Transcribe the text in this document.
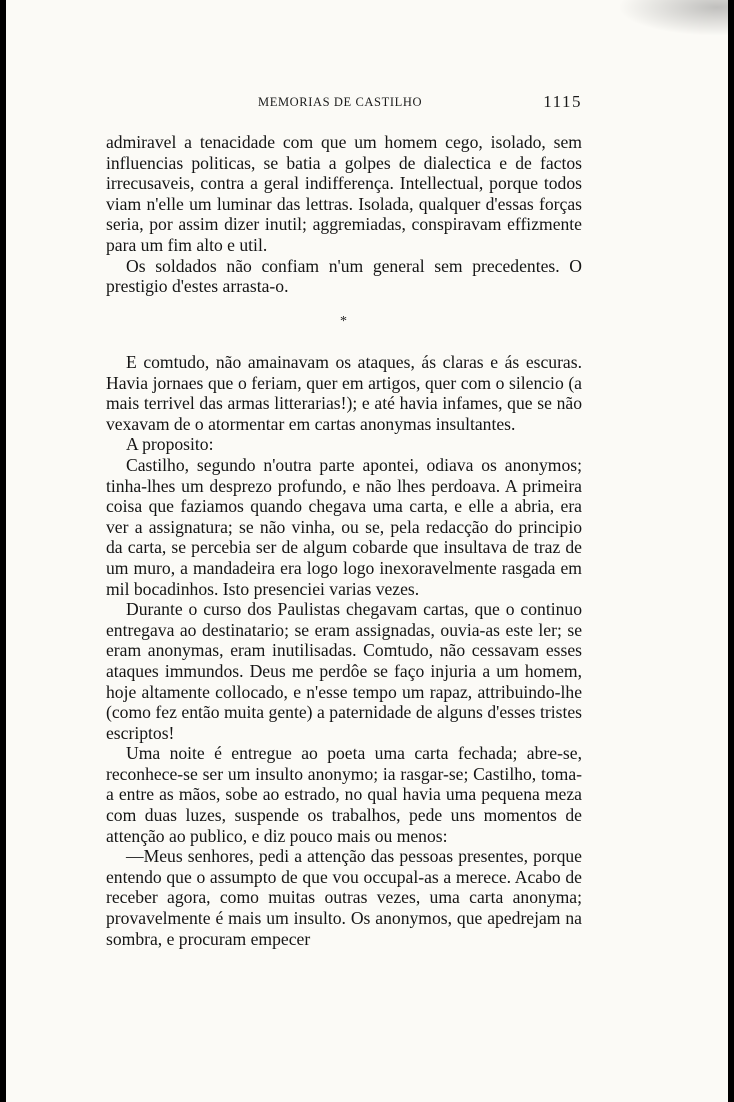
MEMORIAS DE CASTILHO	1115

admiravel a tenacidade com que um homem cego, isolado, sem influencias politicas, se batia a golpes de dialectica e de factos irrecusaveis, contra a geral indifferença. Intellectual, porque todos viam n'elle um luminar das lettras. Isolada, qualquer d'essas forças seria, por assim dizer inutil; aggremiadas, conspiravam effizmente para um fim alto e util.

Os soldados não confiam n'um general sem precedentes. O prestigio d'estes arrasta-o.

*

E comtudo, não amainavam os ataques, ás claras e ás escuras. Havia jornaes que o feriam, quer em artigos, quer com o silencio (a mais terrivel das armas litterarias!); e até havia infames, que se não vexavam de o atormentar em cartas anonymas insultantes.

A proposito:

Castilho, segundo n'outra parte apontei, odiava os anonymos; tinha-lhes um desprezo profundo, e não lhes perdoava. A primeira coisa que faziamos quando chegava uma carta, e elle a abria, era ver a assignatura; se não vinha, ou se, pela redacção do principio da carta, se percebia ser de algum cobarde que insultava de traz de um muro, a mandadeira era logo logo inexoravelmente rasgada em mil bocadinhos. Isto presenciei varias vezes.

Durante o curso dos Paulistas chegavam cartas, que o continuo entregava ao destinatario; se eram assignadas, ouvia-as este ler; se eram anonymas, eram inutilisadas. Comtudo, não cessavam esses ataques immundos. Deus me perdôe se faço injuria a um homem, hoje altamente collocado, e n'esse tempo um rapaz, attribuindo-lhe (como fez então muita gente) a paternidade de alguns d'esses tristes escriptos!

Uma noite é entregue ao poeta uma carta fechada; abre-se, reconhece-se ser um insulto anonymo; ia rasgar-se; Castilho, toma-a entre as mãos, sobe ao estrado, no qual havia uma pequena meza com duas luzes, suspende os trabalhos, pede uns momentos de attenção ao publico, e diz pouco mais ou menos:

—Meus senhores, pedi a attenção das pessoas presentes, porque entendo que o assumpto de que vou occupal-as a merece. Acabo de receber agora, como muitas outras vezes, uma carta anonyma; provavelmente é mais um insulto. Os anonymos, que apedrejam na sombra, e procuram empecer
